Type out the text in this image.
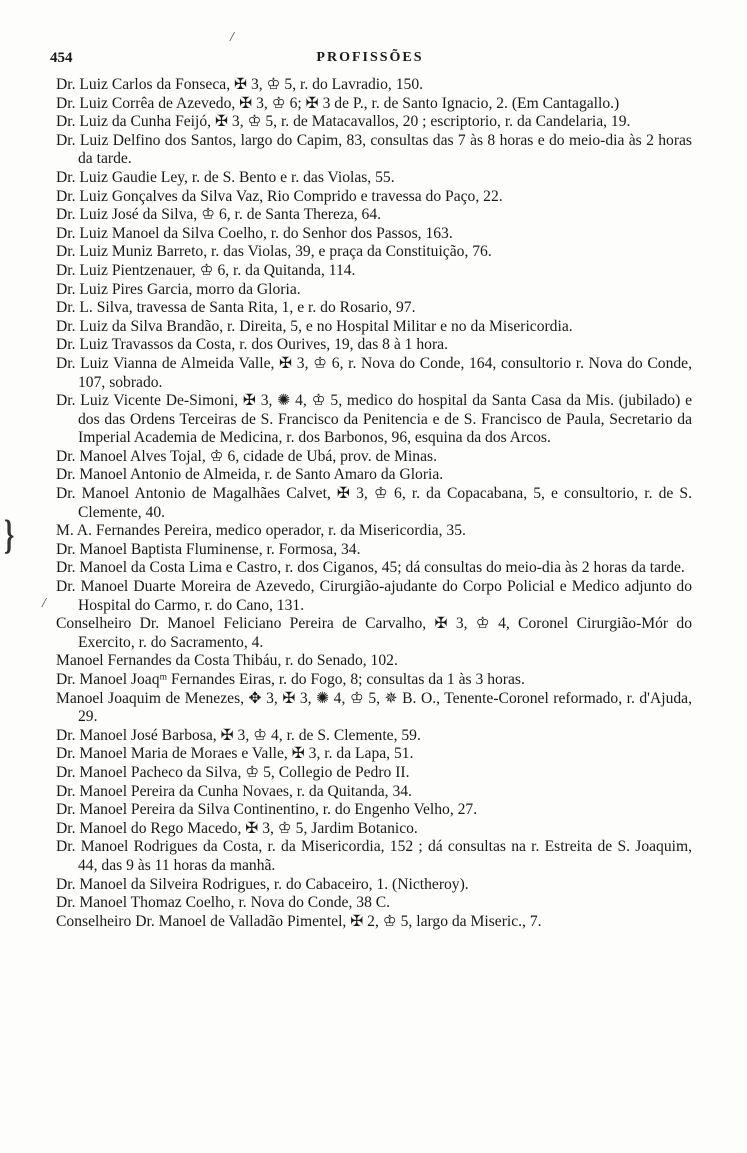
/
}
/
454	PROFISSÕES
Dr. Luiz Carlos da Fonseca, ✠ 3, ♔ 5, r. do Lavradio, 150.
Dr. Luiz Corrêa de Azevedo, ✠ 3, ♔ 6; ✠ 3 de P., r. de Santo Ignacio, 2. (Em Cantagallo.)
Dr. Luiz da Cunha Feijó, ✠ 3, ♔ 5, r. de Matacavallos, 20 ; escriptorio, r. da Candelaria, 19.
Dr. Luiz Delfino dos Santos, largo do Capim, 83, consultas das 7 às 8 horas e do meio-dia às 2 horas da tarde.
Dr. Luiz Gaudie Ley, r. de S. Bento e r. das Violas, 55.
Dr. Luiz Gonçalves da Silva Vaz, Rio Comprido e travessa do Paço, 22.
Dr. Luiz José da Silva, ♔ 6, r. de Santa Thereza, 64.
Dr. Luiz Manoel da Silva Coelho, r. do Senhor dos Passos, 163.
Dr. Luiz Muniz Barreto, r. das Violas, 39, e praça da Constituição, 76.
Dr. Luiz Pientzenauer, ♔ 6, r. da Quitanda, 114.
Dr. Luiz Pires Garcia, morro da Gloria.
Dr. L. Silva, travessa de Santa Rita, 1, e r. do Rosario, 97.
Dr. Luiz da Silva Brandão, r. Direita, 5, e no Hospital Militar e no da Misericordia.
Dr. Luiz Travassos da Costa, r. dos Ourives, 19, das 8 à 1 hora.
Dr. Luiz Vianna de Almeida Valle, ✠ 3, ♔ 6, r. Nova do Conde, 164, consultorio r. Nova do Conde, 107, sobrado.
Dr. Luiz Vicente De-Simoni, ✠ 3, ✺ 4, ♔ 5, medico do hospital da Santa Casa da Mis. (jubilado) e dos das Ordens Terceiras de S. Francisco da Penitencia e de S. Francisco de Paula, Secretario da Imperial Academia de Medicina, r. dos Barbonos, 96, esquina da dos Arcos.
Dr. Manoel Alves Tojal, ♔ 6, cidade de Ubá, prov. de Minas.
Dr. Manoel Antonio de Almeida, r. de Santo Amaro da Gloria.
Dr. Manoel Antonio de Magalhães Calvet, ✠ 3, ♔ 6, r. da Copacabana, 5, e consultorio, r. de S. Clemente, 40.
M. A. Fernandes Pereira, medico operador, r. da Misericordia, 35.
Dr. Manoel Baptista Fluminense, r. Formosa, 34.
Dr. Manoel da Costa Lima e Castro, r. dos Ciganos, 45; dá consultas do meio-dia às 2 horas da tarde.
Dr. Manoel Duarte Moreira de Azevedo, Cirurgião-ajudante do Corpo Policial e Medico adjunto do Hospital do Carmo, r. do Cano, 131.
Conselheiro Dr. Manoel Feliciano Pereira de Carvalho, ✠ 3, ♔ 4, Coronel Cirurgião-Mór do Exercito, r. do Sacramento, 4.
Manoel Fernandes da Costa Thibáu, r. do Senado, 102.
Dr. Manoel Joaqᵐ Fernandes Eiras, r. do Fogo, 8; consultas da 1 às 3 horas.
Manoel Joaquim de Menezes, ✥ 3, ✠ 3, ✺ 4, ♔ 5, ✵ B. O., Tenente-Coronel reformado, r. d'Ajuda, 29.
Dr. Manoel José Barbosa, ✠ 3, ♔ 4, r. de S. Clemente, 59.
Dr. Manoel Maria de Moraes e Valle, ✠ 3, r. da Lapa, 51.
Dr. Manoel Pacheco da Silva, ♔ 5, Collegio de Pedro II.
Dr. Manoel Pereira da Cunha Novaes, r. da Quitanda, 34.
Dr. Manoel Pereira da Silva Continentino, r. do Engenho Velho, 27.
Dr. Manoel do Rego Macedo, ✠ 3, ♔ 5, Jardim Botanico.
Dr. Manoel Rodrigues da Costa, r. da Misericordia, 152 ; dá consultas na r. Estreita de S. Joaquim, 44, das 9 às 11 horas da manhã.
Dr. Manoel da Silveira Rodrigues, r. do Cabaceiro, 1. (Nictheroy).
Dr. Manoel Thomaz Coelho, r. Nova do Conde, 38 C.
Conselheiro Dr. Manoel de Valladão Pimentel, ✠ 2, ♔ 5, largo da Miseric., 7.
